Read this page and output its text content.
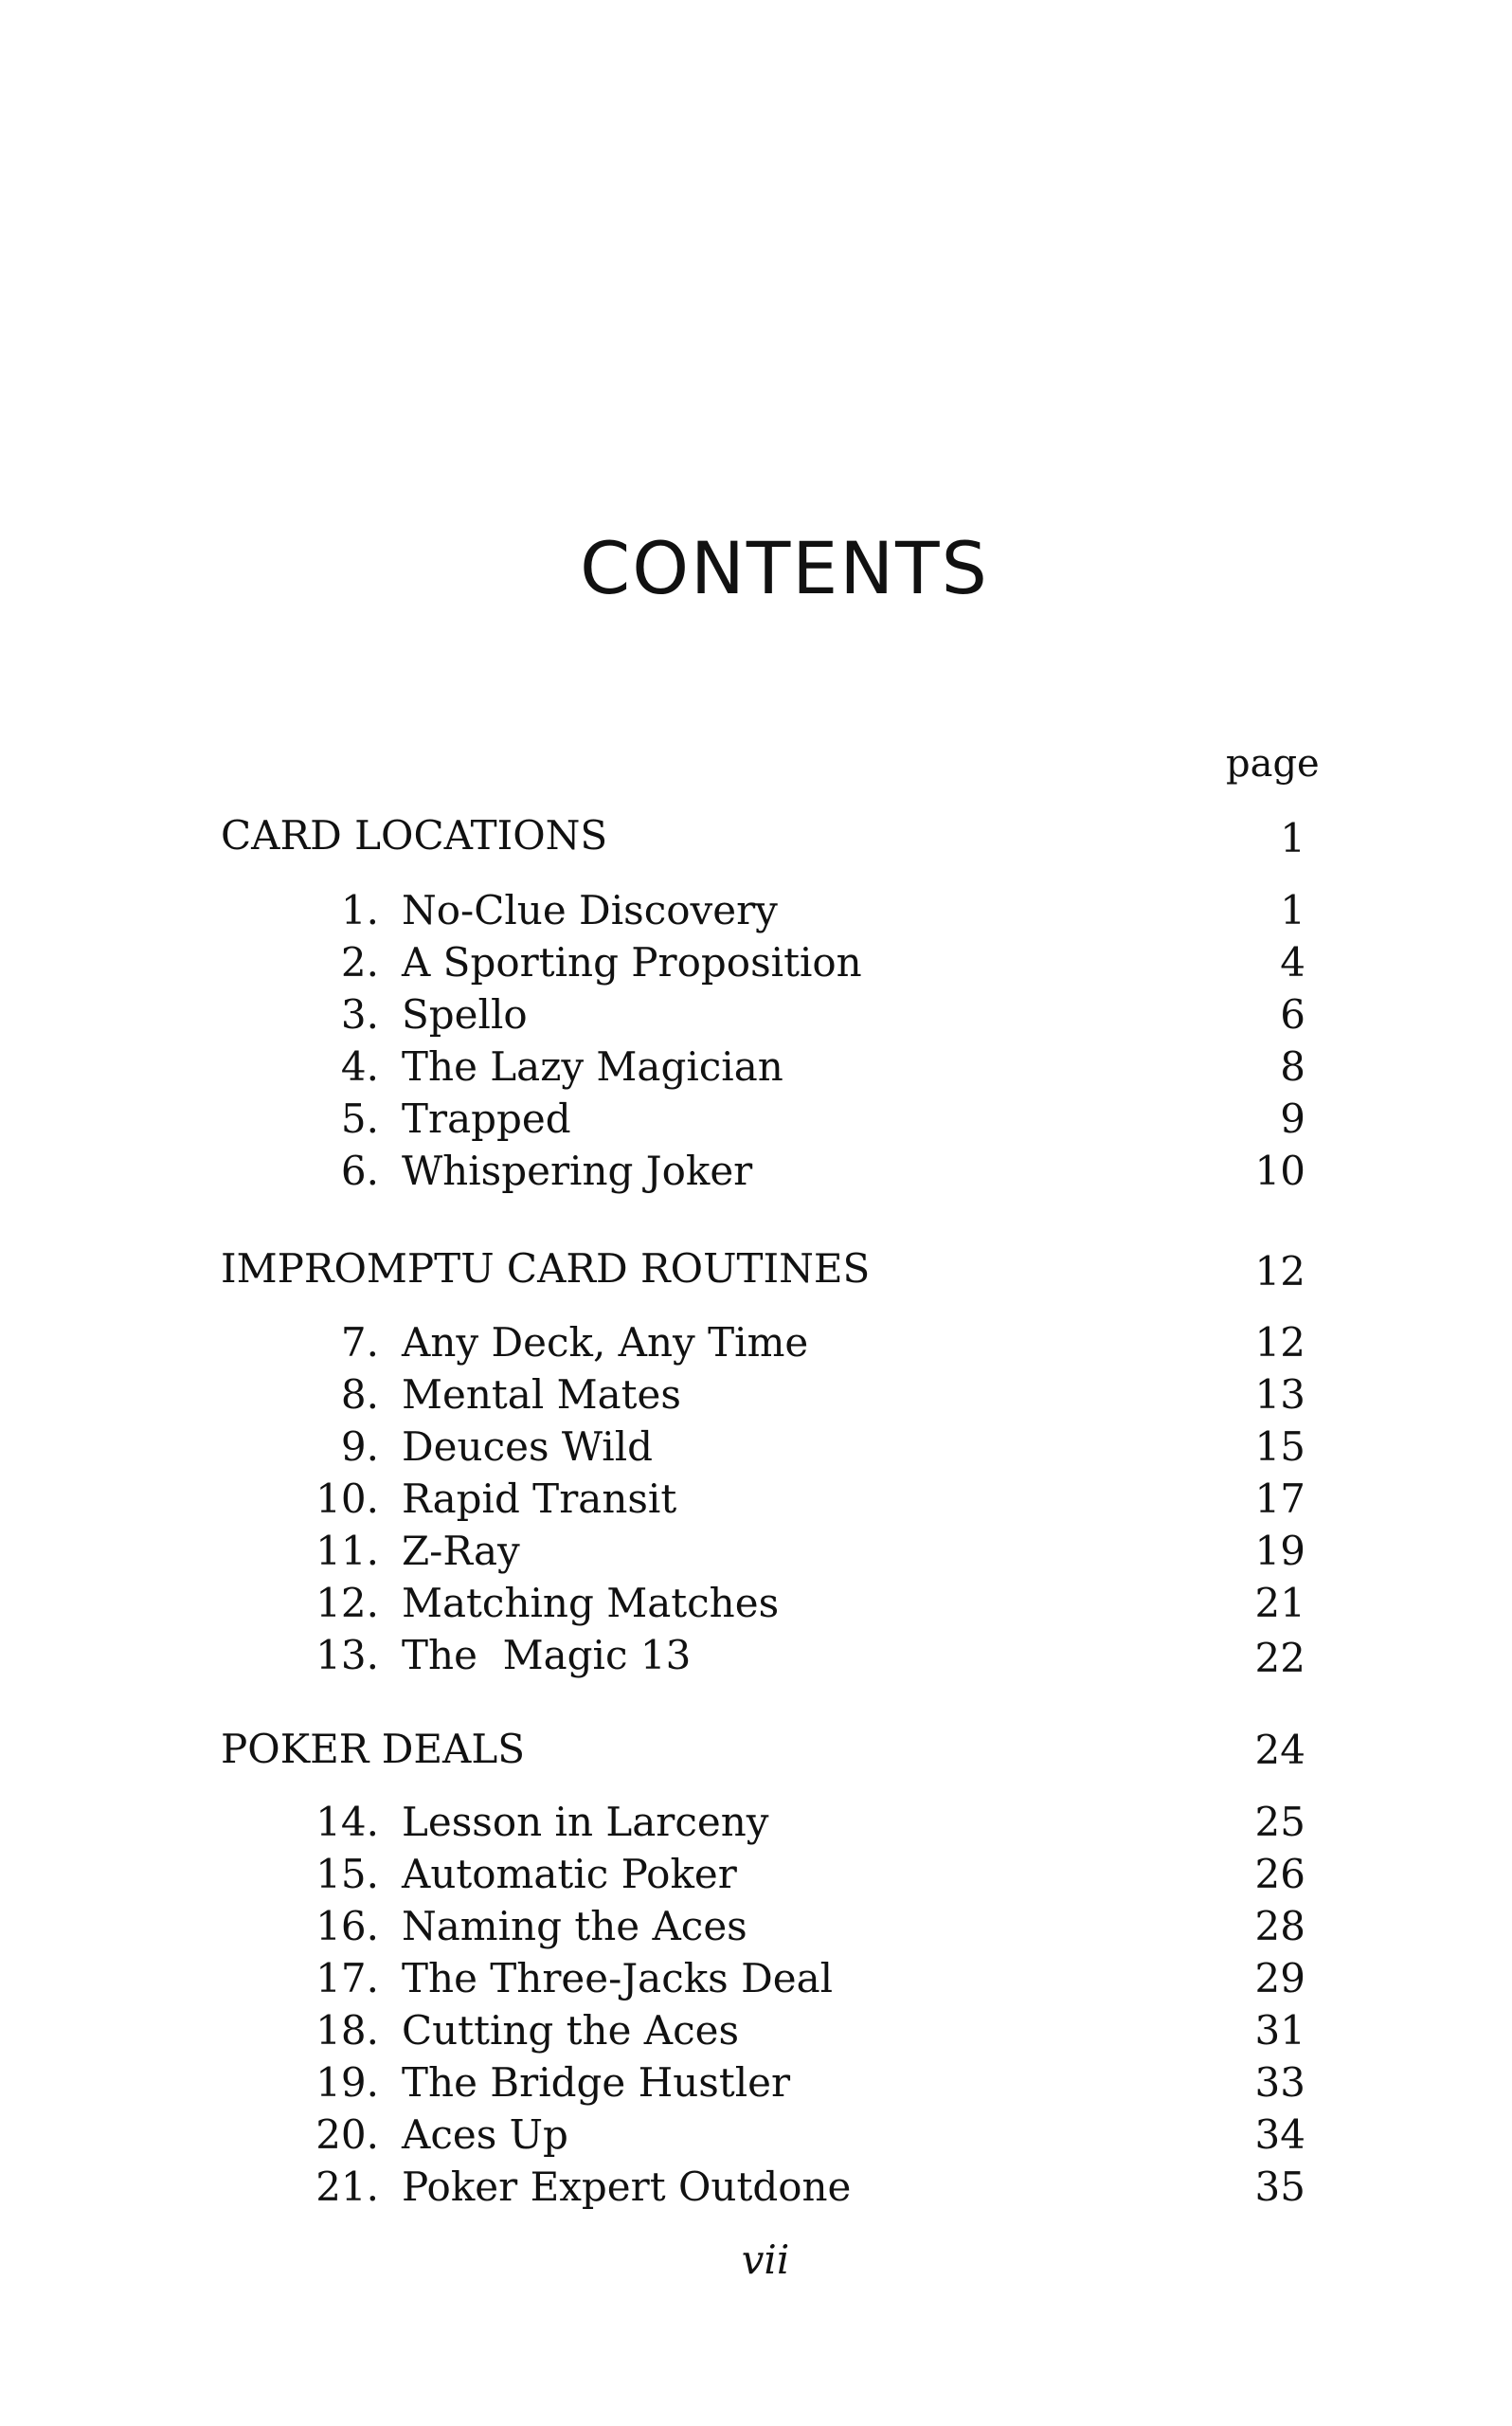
CONTENTS
page
CARD LOCATIONS	1
1. No-Clue Discovery	1
2. A Sporting Proposition	4
3. Spello	6
4. The Lazy Magician	8
5. Trapped	9
6. Whispering Joker	10
IMPROMPTU CARD ROUTINES	12
7. Any Deck, Any Time	12
8. Mental Mates	13
9. Deuces Wild	15
10. Rapid Transit	17
11. Z-Ray	19
12. Matching Matches	21
13. The  Magic 13	22
POKER DEALS	24
14. Lesson in Larceny	25
15. Automatic Poker	26
16. Naming the Aces	28
17. The Three-Jacks Deal	29
18. Cutting the Aces	31
19. The Bridge Hustler	33
20. Aces Up	34
21. Poker Expert Outdone	35
vii
